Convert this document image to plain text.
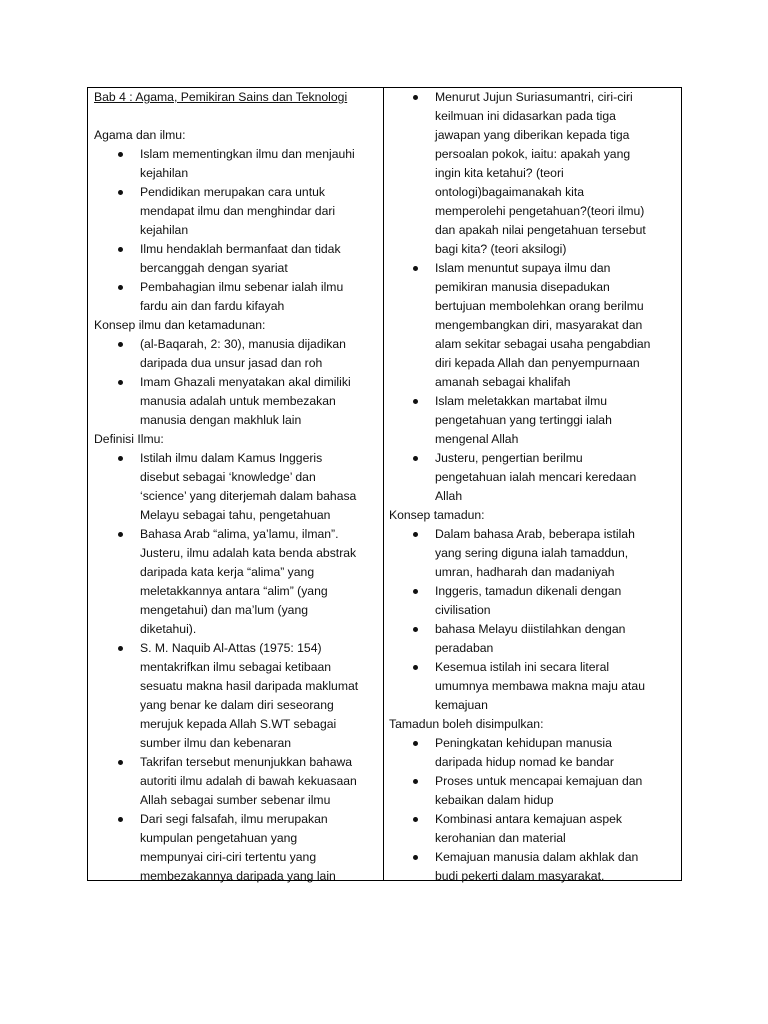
Bab 4 : Agama, Pemikiran Sains dan Teknologi

Agama dan ilmu:

Islam mementingkan ilmu dan menjauhi
kejahilan
Pendidikan merupakan cara untuk
mendapat ilmu dan menghindar dari
kejahilan
Ilmu hendaklah bermanfaat dan tidak
bercanggah dengan syariat
Pembahagian ilmu sebenar ialah ilmu
fardu ain dan fardu kifayah

Konsep ilmu dan ketamadunan:

(al-Baqarah, 2: 30), manusia dijadikan
daripada dua unsur jasad dan roh
Imam Ghazali menyatakan akal dimiliki
manusia adalah untuk membezakan
manusia dengan makhluk lain

Definisi Ilmu:

Istilah ilmu dalam Kamus Inggeris
disebut sebagai ‘knowledge’ dan
‘science’ yang diterjemah dalam bahasa
Melayu sebagai tahu, pengetahuan
Bahasa Arab “alima, ya’lamu, ilman”.
Justeru, ilmu adalah kata benda abstrak
daripada kata kerja “alima” yang
meletakkannya antara “alim” (yang
mengetahui) dan ma’lum (yang
diketahui).
S. M. Naquib Al-Attas (1975: 154)
mentakrifkan ilmu sebagai ketibaan
sesuatu makna hasil daripada maklumat
yang benar ke dalam diri seseorang
merujuk kepada Allah S.WT sebagai
sumber ilmu dan kebenaran
Takrifan tersebut menunjukkan bahawa
autoriti ilmu adalah di bawah kekuasaan
Allah sebagai sumber sebenar ilmu
Dari segi falsafah, ilmu merupakan
kumpulan pengetahuan yang
mempunyai ciri-ciri tertentu yang
membezakannya daripada yang lain
Menurut Jujun Suriasumantri, ciri-ciri
keilmuan ini didasarkan pada tiga
jawapan yang diberikan kepada tiga
persoalan pokok, iaitu: apakah yang
ingin kita ketahui? (teori
ontologi)bagaimanakah kita
memperolehi pengetahuan?(teori ilmu)
dan apakah nilai pengetahuan tersebut
bagi kita? (teori aksilogi)
Islam menuntut supaya ilmu dan
pemikiran manusia disepadukan
bertujuan membolehkan orang berilmu
mengembangkan diri, masyarakat dan
alam sekitar sebagai usaha pengabdian
diri kepada Allah dan penyempurnaan
amanah sebagai khalifah
Islam meletakkan martabat ilmu
pengetahuan yang tertinggi ialah
mengenal Allah
Justeru, pengertian berilmu
pengetahuan ialah mencari keredaan
Allah

Konsep tamadun:

Dalam bahasa Arab, beberapa istilah
yang sering diguna ialah tamaddun,
umran, hadharah dan madaniyah
Inggeris, tamadun dikenali dengan
civilisation
bahasa Melayu diistilahkan dengan
peradaban
Kesemua istilah ini secara literal
umumnya membawa makna maju atau
kemajuan

Tamadun boleh disimpulkan:

Peningkatan kehidupan manusia
daripada hidup nomad ke bandar
Proses untuk mencapai kemajuan dan
kebaikan dalam hidup
Kombinasi antara kemajuan aspek
kerohanian dan material
Kemajuan manusia dalam akhlak dan
budi pekerti dalam masyarakat.
